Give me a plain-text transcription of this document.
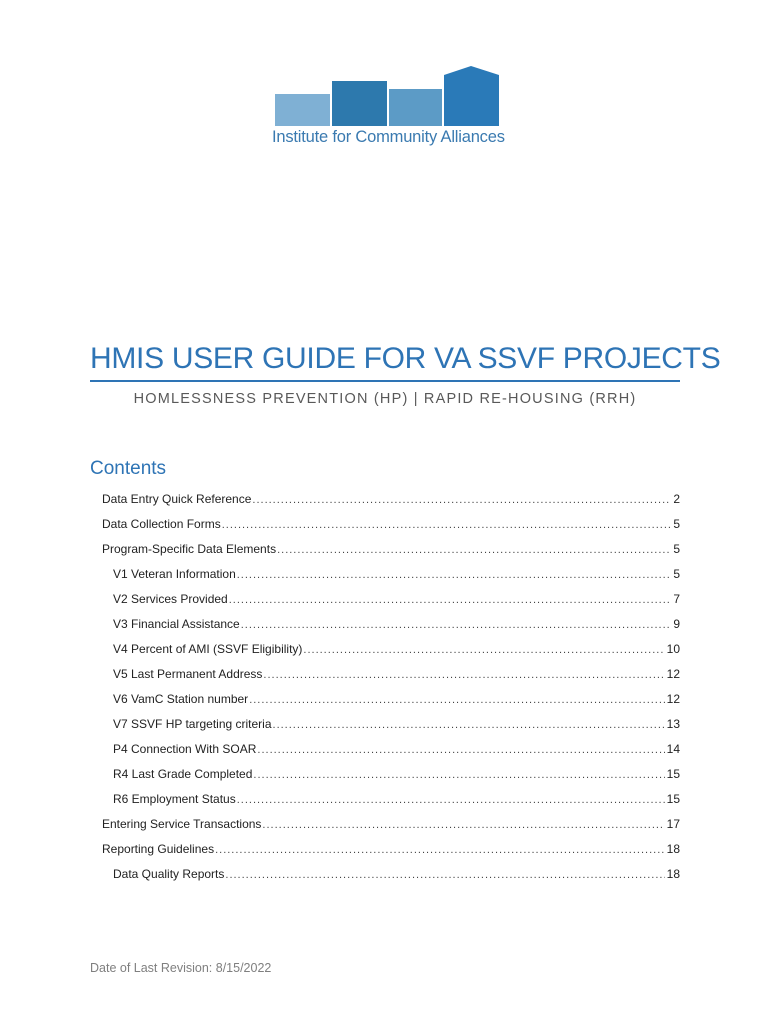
Institute for Community Alliances
HMIS USER GUIDE FOR VA SSVF PROJECTS
HOMLESSNESS PREVENTION (HP) | RAPID RE-HOUSING (RRH)
Contents
Data Entry Quick Reference .....	2
Data Collection Forms .....	5
Program-Specific Data Elements .....	5
V1 Veteran Information .....	5
V2 Services Provided .....	7
V3 Financial Assistance .....	9
V4 Percent of AMI (SSVF Eligibility) .....	10
V5 Last Permanent Address .....	12
V6 VamC Station number .....	12
V7 SSVF HP targeting criteria .....	13
P4 Connection With SOAR .....	14
R4 Last Grade Completed .....	15
R6 Employment Status .....	15
Entering Service Transactions .....	17
Reporting Guidelines .....	18
Data Quality Reports .....	18
Date of Last Revision: 8/15/2022
